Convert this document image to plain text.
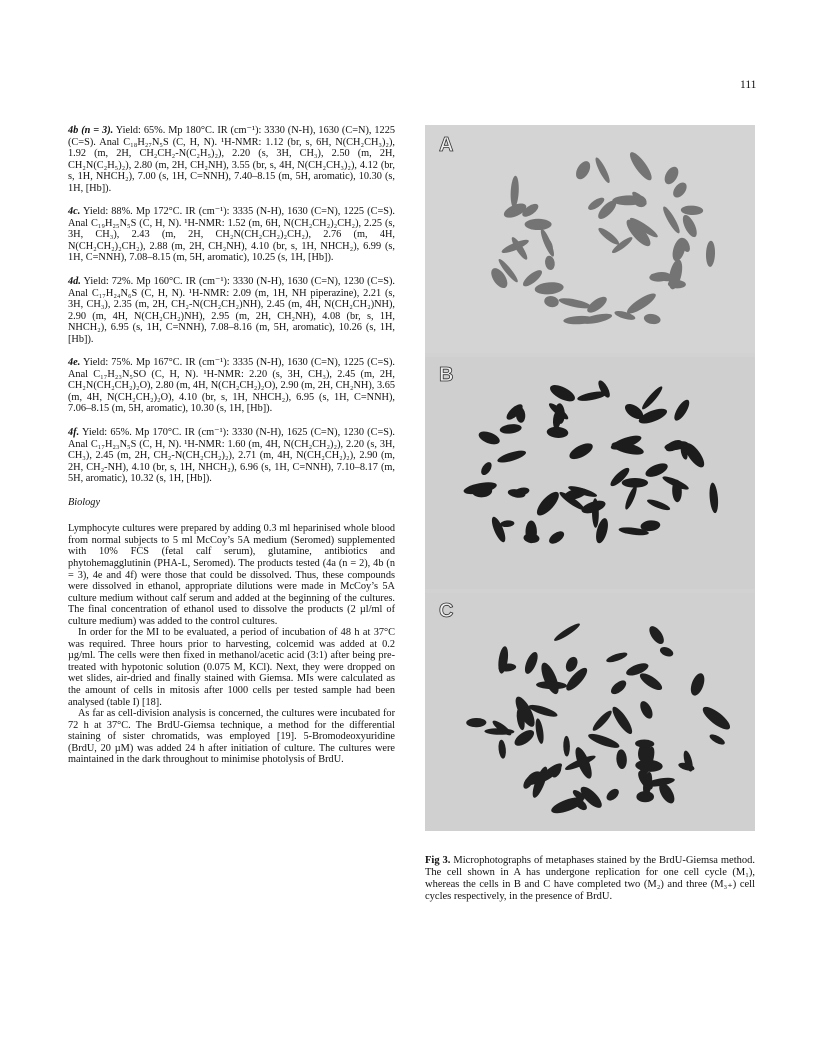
111

4b (n = 3). Yield: 65%. Mp 180°C. IR (cm⁻¹): 3330 (N-H), 1630 (C=N), 1225 (C=S). Anal C₁₈H₂₇N₅S (C, H, N). ¹H-NMR: 1.12 (br, s, 6H, N(CH₂CH₃)₂), 1.92 (m, 2H, CH₂CH₂-N(C₂H₅)₂), 2.20 (s, 3H, CH₃), 2.50 (m, 2H, CH₂N(C₂H₅)₂), 2.80 (m, 2H, CH₂NH), 3.55 (br, s, 4H, N(CH₂CH₃)₂), 4.12 (br, s, 1H, NHCH₂), 7.00 (s, 1H, C=NNH), 7.40–8.15 (m, 5H, aromatic), 10.30 (s, 1H, [Hb]).

4c. Yield: 88%. Mp 172°C. IR (cm⁻¹): 3335 (N-H), 1630 (C=N), 1225 (C=S). Anal C₁₉H₂₅N₅S (C, H, N). ¹H-NMR: 1.52 (m, 6H, N(CH₂CH₂)₂CH₂), 2.25 (s, 3H, CH₃), 2.43 (m, 2H, CH₂N(CH₂CH₂)₂CH₂), 2.76 (m, 4H, N(CH₂CH₂)₂CH₂), 2.88 (m, 2H, CH₂NH), 4.10 (br, s, 1H, NHCH₂), 6.99 (s, 1H, C=NNH), 7.08–8.15 (m, 5H, aromatic), 10.25 (s, 1H, [Hb]).

4d. Yield: 72%. Mp 160°C. IR (cm⁻¹): 3330 (N-H), 1630 (C=N), 1230 (C=S). Anal C₁₇H₂₄N₆S (C, H, N). ¹H-NMR: 2.09 (m, 1H, NH piperazine), 2.21 (s, 3H, CH₃), 2.35 (m, 2H, CH₂-N(CH₂CH₂)NH), 2.45 (m, 4H, N(CH₂CH₂)NH), 2.90 (m, 4H, N(CH₂CH₂)NH), 2.95 (m, 2H, CH₂NH), 4.08 (br, s, 1H, NHCH₂), 6.95 (s, 1H, C=NNH), 7.08–8.16 (m, 5H, aromatic), 10.26 (s, 1H, [Hb]).

4e. Yield: 75%. Mp 167°C. IR (cm⁻¹): 3335 (N-H), 1630 (C=N), 1225 (C=S). Anal C₁₇H₂₃N₅SO (C, H, N). ¹H-NMR: 2.20 (s, 3H, CH₃), 2.45 (m, 2H, CH₂N(CH₂CH₂)₂O), 2.80 (m, 4H, N(CH₂CH₂)₂O), 2.90 (m, 2H, CH₂NH), 3.65 (m, 4H, N(CH₂CH₂)₂O), 4.10 (br, s, 1H, NHCH₂), 6.95 (s, 1H, C=NNH), 7.06–8.15 (m, 5H, aromatic), 10.30 (s, 1H, [Hb]).

4f. Yield: 65%. Mp 170°C. IR (cm⁻¹): 3330 (N-H), 1625 (C=N), 1230 (C=S). Anal C₁₇H₂₃N₅S (C, H, N). ¹H-NMR: 1.60 (m, 4H, N(CH₂CH₂)₂), 2.20 (s, 3H, CH₃), 2.45 (m, 2H, CH₂-N(CH₂CH₂)₂), 2.71 (m, 4H, N(CH₂CH₂)₂), 2.90 (m, 2H, CH₂-NH), 4.10 (br, s, 1H, NHCH₂), 6.96 (s, 1H, C=NNH), 7.10–8.17 (m, 5H, aromatic), 10.32 (s, 1H, [Hb]).

Biology

Lymphocyte cultures were prepared by adding 0.3 ml heparinised whole blood from normal subjects to 5 ml McCoy’s 5A medium (Seromed) supplemented with 10% FCS (fetal calf serum), glutamine, antibiotics and phytohemagglutinin (PHA-L, Seromed). The products tested (4a (n = 2), 4b (n = 3), 4e and 4f) were those that could be dissolved. Thus, these compounds were dissolved in ethanol, appropriate dilutions were made in McCoy’s 5A culture medium without calf serum and added at the beginning of the cultures. The final concentration of ethanol used to dissolve the products (2 µl/ml of culture medium) was added to the control cultures.

In order for the MI to be evaluated, a period of incubation of 48 h at 37°C was required. Three hours prior to harvesting, colcemid was added at 0.2 µg/ml. The cells were then fixed in methanol/acetic acid (3:1) after being pre-treated with hypotonic solution (0.075 M, KCl). Next, they were dropped on wet slides, air-dried and finally stained with Giemsa. MIs were calculated as the amount of cells in mitosis after 1000 cells per tested sample had been analysed (table I) [18].

As far as cell-division analysis is concerned, the cultures were incubated for 72 h at 37°C. The BrdU-Giemsa technique, a method for the differential staining of sister chromatids, was employed [19]. 5-Bromodeoxyuridine (BrdU, 20 µM) was added 24 h after initiation of culture. The cultures were maintained in the dark throughout to minimise photolysis of BrdU.

A
B
C
Fig 3. Microphotographs of metaphases stained by the BrdU-Giemsa method. The cell shown in A has undergone replication for one cell cycle (M₁), whereas the cells in B and C have completed two (M₂) and three (M₃₊) cell cycles respectively, in the presence of BrdU.
